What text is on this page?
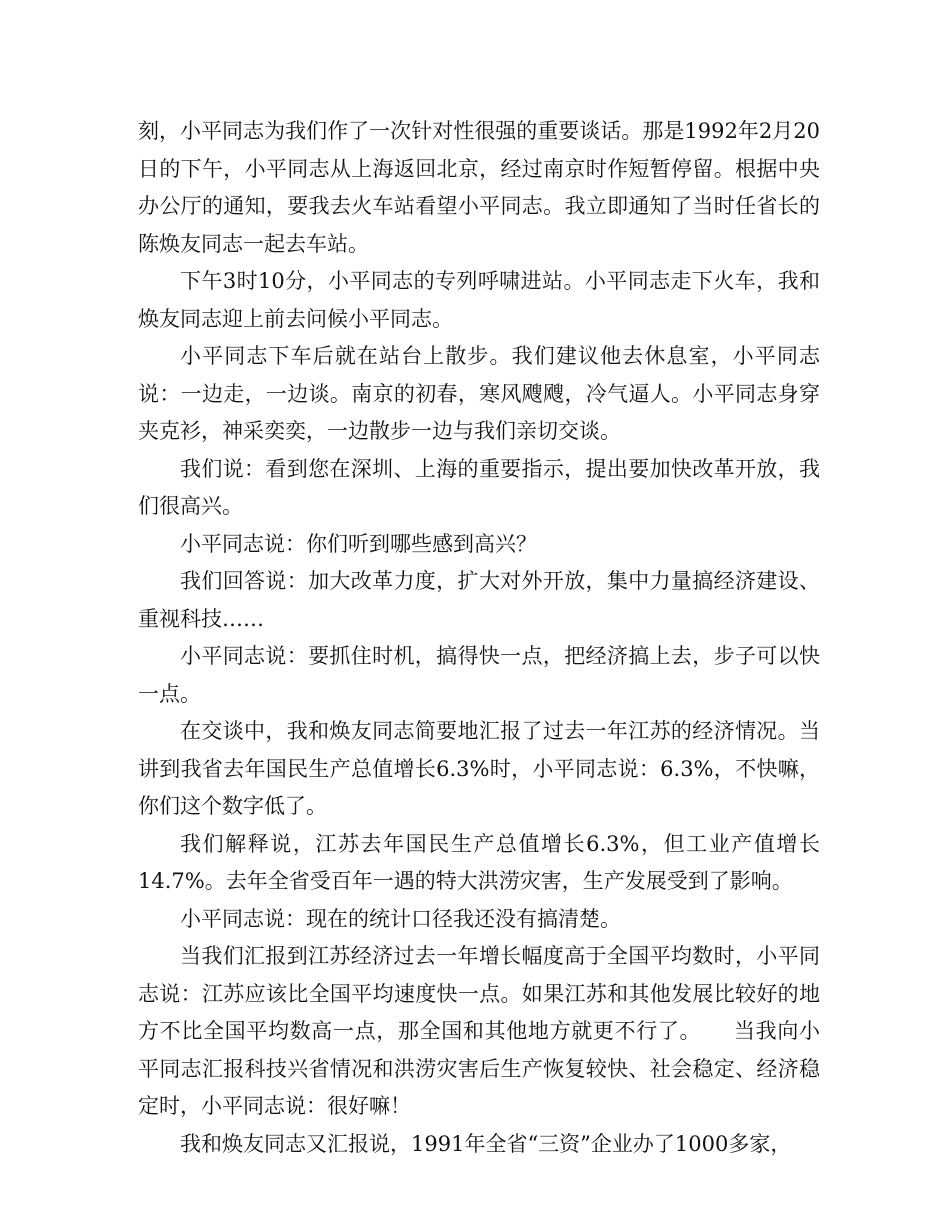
刻，小平同志为我们作了一次针对性很强的重要谈话。那是1992年2月20日的下午，小平同志从上海返回北京，经过南京时作短暂停留。根据中央办公厅的通知，要我去火车站看望小平同志。我立即通知了当时任省长的陈焕友同志一起去车站。

下午3时10分，小平同志的专列呼啸进站。小平同志走下火车，我和焕友同志迎上前去问候小平同志。

小平同志下车后就在站台上散步。我们建议他去休息室，小平同志说：一边走，一边谈。南京的初春，寒风飕飕，冷气逼人。小平同志身穿夹克衫，神采奕奕，一边散步一边与我们亲切交谈。

我们说：看到您在深圳、上海的重要指示，提出要加快改革开放，我们很高兴。

小平同志说：你们听到哪些感到高兴？

我们回答说：加大改革力度，扩大对外开放，集中力量搞经济建设、重视科技……

小平同志说：要抓住时机，搞得快一点，把经济搞上去，步子可以快一点。

在交谈中，我和焕友同志简要地汇报了过去一年江苏的经济情况。当讲到我省去年国民生产总值增长6.3%时，小平同志说：6.3%，不快嘛，你们这个数字低了。

我们解释说，江苏去年国民生产总值增长6.3%，但工业产值增长14.7%。去年全省受百年一遇的特大洪涝灾害，生产发展受到了影响。

小平同志说：现在的统计口径我还没有搞清楚。

当我们汇报到江苏经济过去一年增长幅度高于全国平均数时，小平同志说：江苏应该比全国平均速度快一点。如果江苏和其他发展比较好的地方不比全国平均数高一点，那全国和其他地方就更不行了。　　当我向小平同志汇报科技兴省情况和洪涝灾害后生产恢复较快、社会稳定、经济稳定时，小平同志说：很好嘛！

我和焕友同志又汇报说，1991年全省“三资”企业办了1000多家，
